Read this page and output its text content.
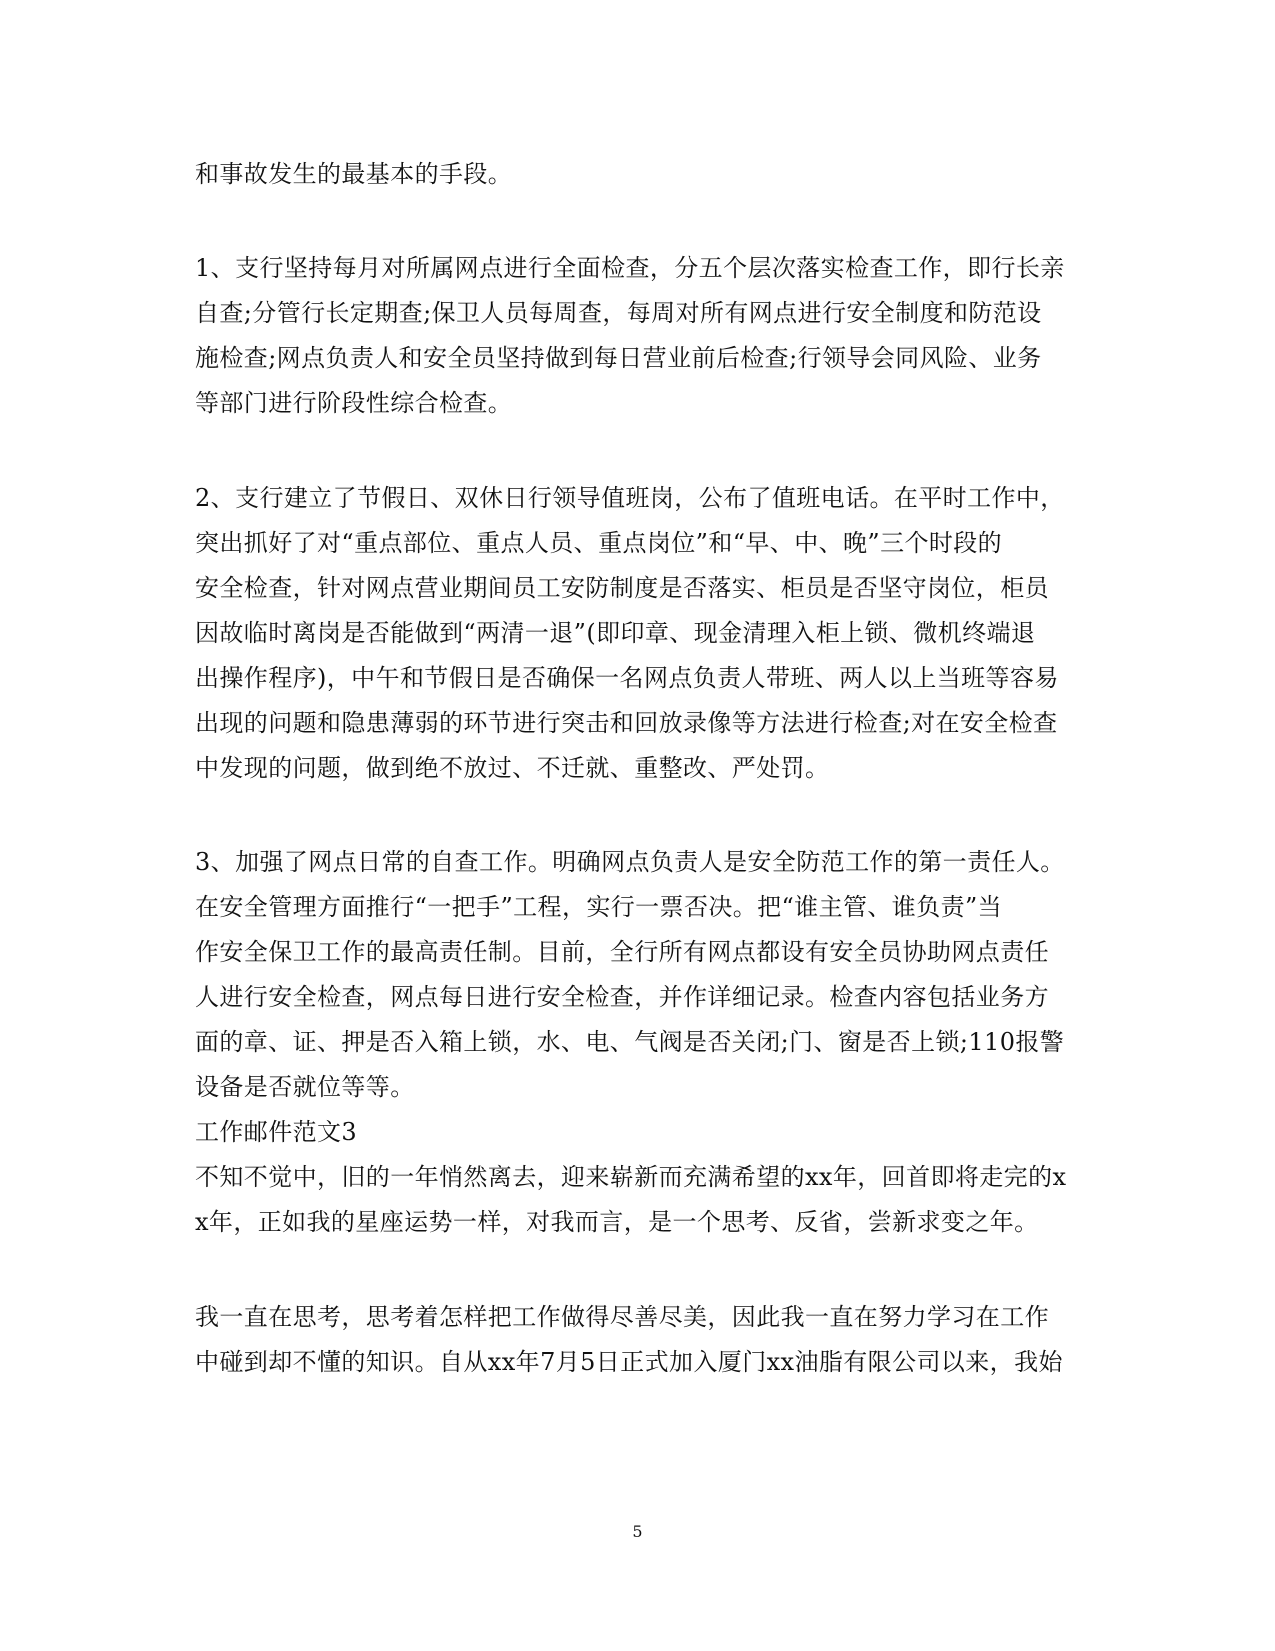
和事故发生的最基本的手段。
1、支行坚持每月对所属网点进行全面检查，分五个层次落实检查工作，即行长亲
自查;分管行长定期查;保卫人员每周查，每周对所有网点进行安全制度和防范设
施检查;网点负责人和安全员坚持做到每日营业前后检查;行领导会同风险、业务
等部门进行阶段性综合检查。
2、支行建立了节假日、双休日行领导值班岗，公布了值班电话。在平时工作中，
突出抓好了对“重点部位、重点人员、重点岗位”和“早、中、晚”三个时段的
安全检查，针对网点营业期间员工安防制度是否落实、柜员是否坚守岗位，柜员
因故临时离岗是否能做到“两清一退”(即印章、现金清理入柜上锁、微机终端退
出操作程序)，中午和节假日是否确保一名网点负责人带班、两人以上当班等容易
出现的问题和隐患薄弱的环节进行突击和回放录像等方法进行检查;对在安全检查
中发现的问题，做到绝不放过、不迁就、重整改、严处罚。
3、加强了网点日常的自查工作。明确网点负责人是安全防范工作的第一责任人。
在安全管理方面推行“一把手”工程，实行一票否决。把“谁主管、谁负责”当
作安全保卫工作的最高责任制。目前，全行所有网点都设有安全员协助网点责任
人进行安全检查，网点每日进行安全检查，并作详细记录。检查内容包括业务方
面的章、证、押是否入箱上锁，水、电、气阀是否关闭;门、窗是否上锁;110报警
设备是否就位等等。
工作邮件范文3
不知不觉中，旧的一年悄然离去，迎来崭新而充满希望的xx年，回首即将走完的x
x年，正如我的星座运势一样，对我而言，是一个思考、反省，尝新求变之年。
我一直在思考，思考着怎样把工作做得尽善尽美，因此我一直在努力学习在工作
中碰到却不懂的知识。自从xx年7月5日正式加入厦门xx油脂有限公司以来，我始
5
